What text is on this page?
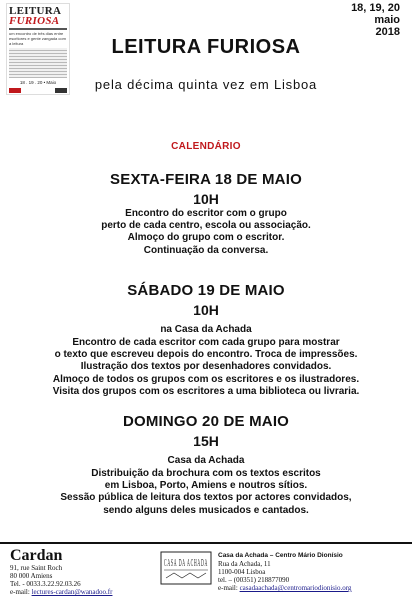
LEITURA
FURIOSA
um encontro de três dias entre escritores e gente zangada com a leitura
18 . 19 . 20 • Maio
18, 19, 20
maio
2018
LEITURA FURIOSA
pela décima quinta vez em Lisboa
CALENDÁRIO
SEXTA-FEIRA 18 DE MAIO
10H
Encontro do escritor com o grupo
perto de cada centro, escola ou associação.
Almoço do grupo com o escritor.
Continuação da conversa.
SÁBADO 19 DE MAIO
10H
na Casa da Achada
Encontro de cada escritor com cada grupo para mostrar
o texto que escreveu depois do encontro. Troca de impressões.
Ilustração dos textos por desenhadores convidados.
Almoço de todos os grupos com os escritores e os ilustradores.
Visita dos grupos com os escritores a uma biblioteca ou livraria.
DOMINGO 20 DE MAIO
15H
Casa da Achada
Distribuição da brochura com os textos escritos
em Lisboa, Porto, Amiens e noutros sítios.
Sessão pública de leitura dos textos por actores convidados,
sendo alguns deles musicados e cantados.
Cardan
91, rue Saint Roch
80 000 Amiens
Tel. - 0033.3.22.92.03.26
e-mail: lectures-cardan@wanadoo.fr
CASA DA ACHADA
Casa da Achada – Centro Mário Dionísio
Rua da Achada, 11
1100-004 Lisboa
tel. – (00351) 218877090
e-mail: casadaachada@centromariodionisio.org
